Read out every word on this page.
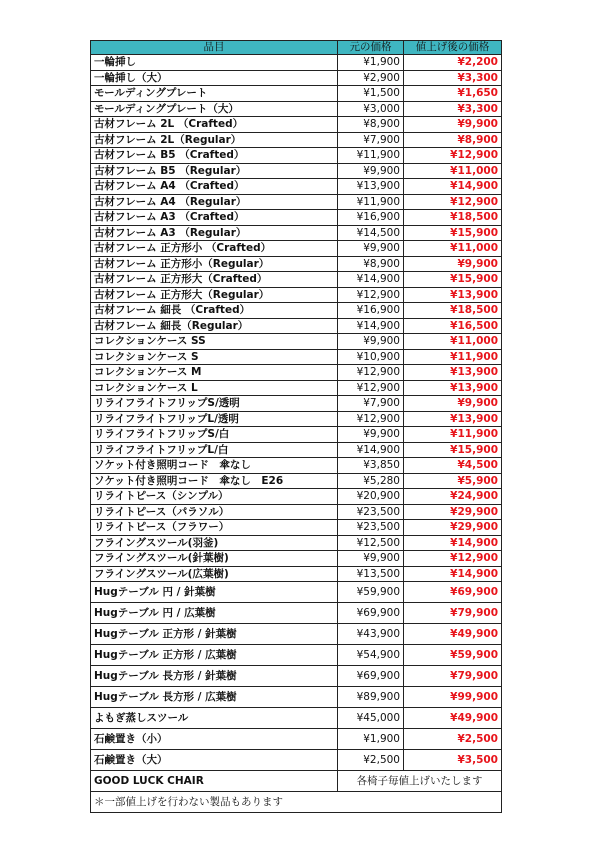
品目	元の価格	値上げ後の価格
一輪挿し	¥1,900	¥2,200
一輪挿し（大）	¥2,900	¥3,300
モールディングプレート	¥1,500	¥1,650
モールディングプレート（大）	¥3,000	¥3,300
古材フレーム 2L （Crafted）	¥8,900	¥9,900
古材フレーム 2L（Regular）	¥7,900	¥8,900
古材フレーム B5 （Crafted）	¥11,900	¥12,900
古材フレーム B5 （Regular）	¥9,900	¥11,000
古材フレーム A4 （Crafted）	¥13,900	¥14,900
古材フレーム A4 （Regular）	¥11,900	¥12,900
古材フレーム A3 （Crafted）	¥16,900	¥18,500
古材フレーム A3 （Regular）	¥14,500	¥15,900
古材フレーム 正方形小 （Crafted）	¥9,900	¥11,000
古材フレーム 正方形小（Regular）	¥8,900	¥9,900
古材フレーム 正方形大（Crafted）	¥14,900	¥15,900
古材フレーム 正方形大（Regular）	¥12,900	¥13,900
古材フレーム 細長 （Crafted）	¥16,900	¥18,500
古材フレーム 細長（Regular）	¥14,900	¥16,500
コレクションケース SS	¥9,900	¥11,000
コレクションケース S	¥10,900	¥11,900
コレクションケース M	¥12,900	¥13,900
コレクションケース L	¥12,900	¥13,900
リライフライトフリップS/透明	¥7,900	¥9,900
リライフライトフリップL/透明	¥12,900	¥13,900
リライフライトフリップS/白	¥9,900	¥11,900
リライフライトフリップL/白	¥14,900	¥15,900
ソケット付き照明コード　傘なし	¥3,850	¥4,500
ソケット付き照明コード　傘なし　E26	¥5,280	¥5,900
リライトピース（シンプル）	¥20,900	¥24,900
リライトピース（パラソル）	¥23,500	¥29,900
リライトピース（フラワー）	¥23,500	¥29,900
フライングスツール(羽釜)	¥12,500	¥14,900
フライングスツール(針葉樹)	¥9,900	¥12,900
フライングスツール(広葉樹)	¥13,500	¥14,900
Hugテーブル 円 / 針葉樹	¥59,900	¥69,900
Hugテーブル 円 / 広葉樹	¥69,900	¥79,900
Hugテーブル 正方形 / 針葉樹	¥43,900	¥49,900
Hugテーブル 正方形 / 広葉樹	¥54,900	¥59,900
Hugテーブル 長方形 / 針葉樹	¥69,900	¥79,900
Hugテーブル 長方形 / 広葉樹	¥89,900	¥99,900
よもぎ蒸しスツール	¥45,000	¥49,900
石鹸置き（小）	¥1,900	¥2,500
石鹸置き（大）	¥2,500	¥3,500
GOOD LUCK CHAIR	各椅子毎値上げいたします	
＊一部値上げを行わない製品もあります		
